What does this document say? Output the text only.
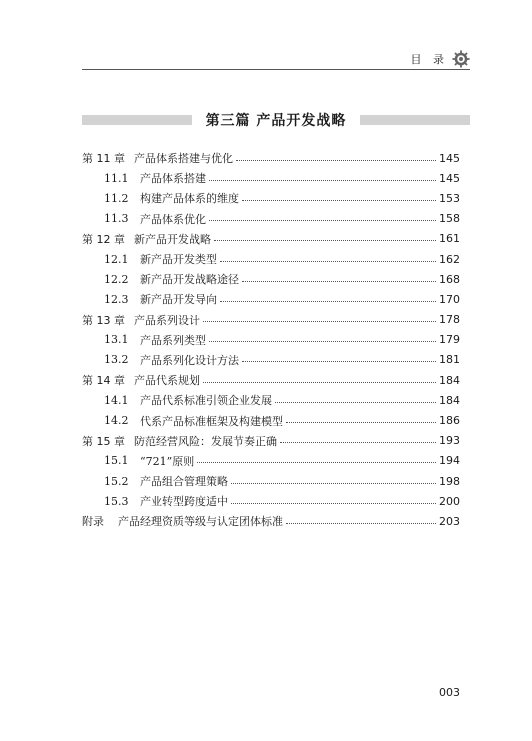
目 录
第三篇 产品开发战略
第 11 章 产品体系搭建与优化	145
11.1	产品体系搭建	145
11.2	构建产品体系的维度	153
11.3	产品体系优化	158
第 12 章 新产品开发战略	161
12.1	新产品开发类型	162
12.2	新产品开发战略途径	168
12.3	新产品开发导向	170
第 13 章 产品系列设计	178
13.1	产品系列类型	179
13.2	产品系列化设计方法	181
第 14 章 产品代系规划	184
14.1	产品代系标准引领企业发展	184
14.2	代系产品标准框架及构建模型	186
第 15 章 防范经营风险：发展节奏正确	193
15.1	“721”原则	194
15.2	产品组合管理策略	198
15.3	产业转型跨度适中	200
附录	产品经理资质等级与认定团体标准	203
003
